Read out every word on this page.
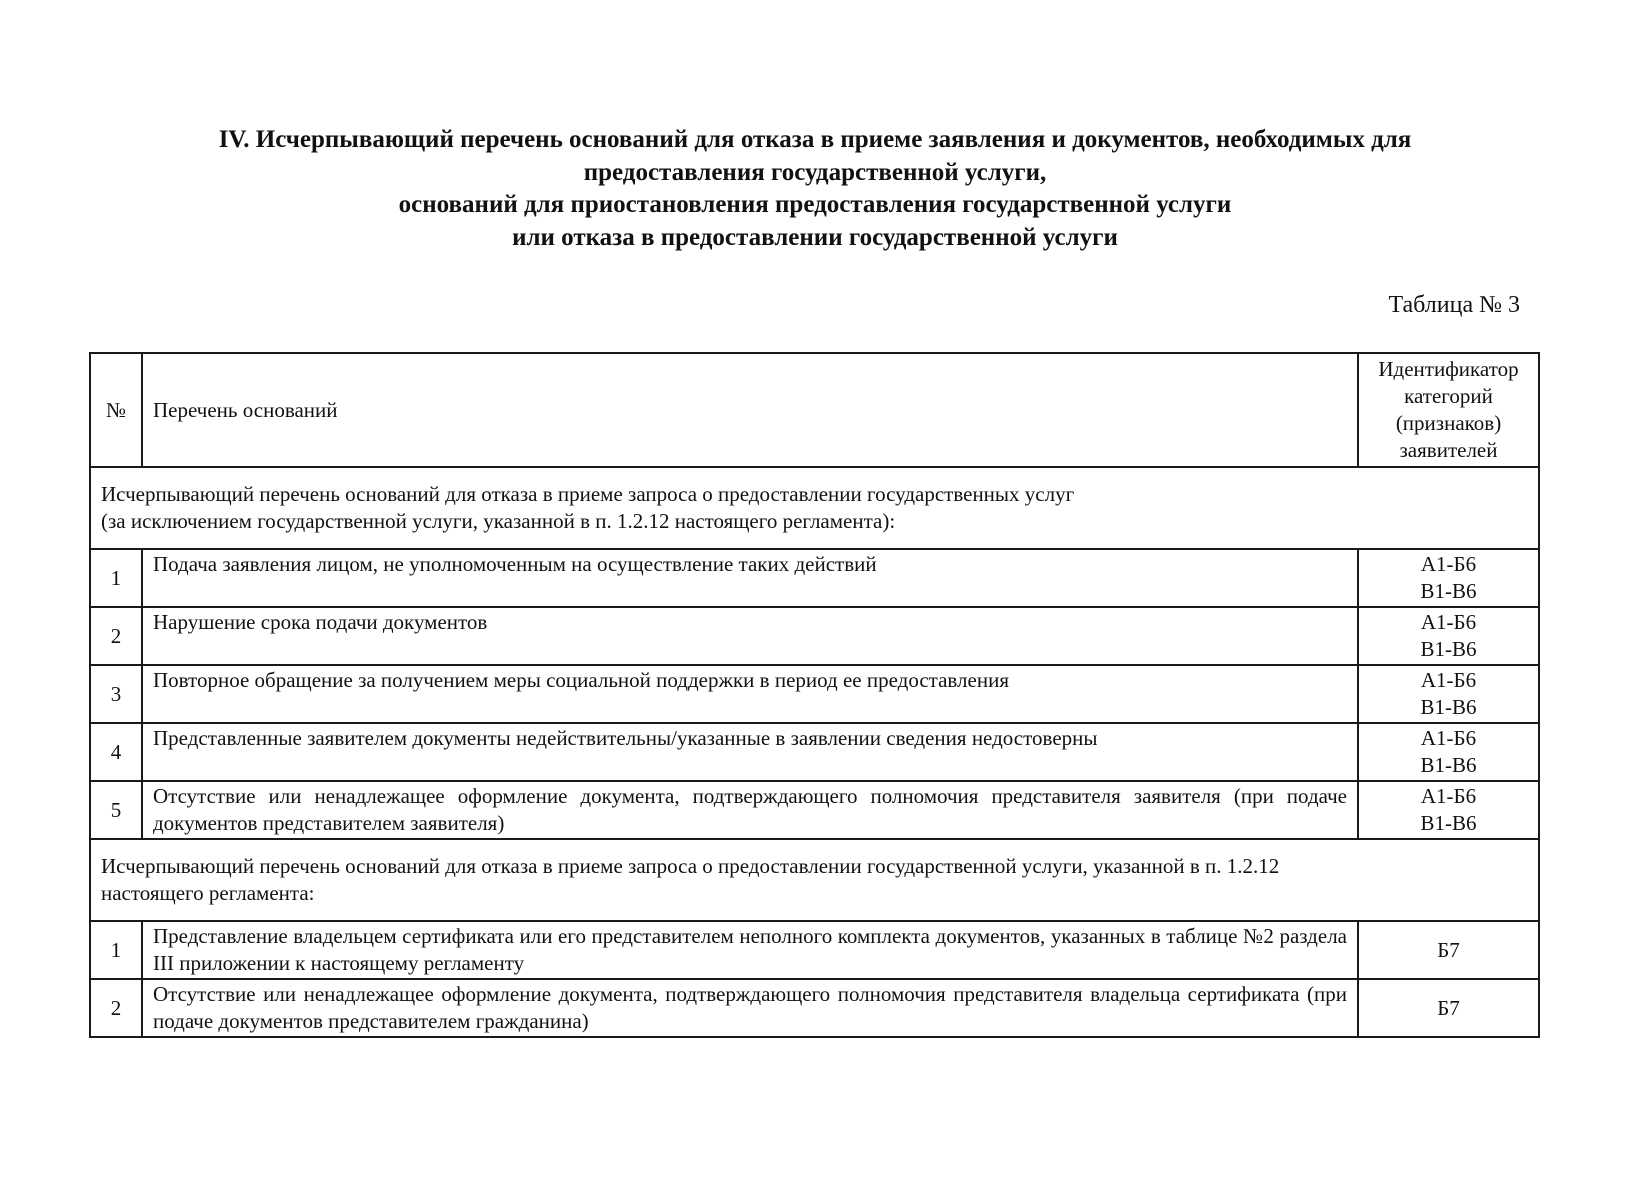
IV. Исчерпывающий перечень оснований для отказа в приеме заявления и документов, необходимых для
предоставления государственной услуги,
оснований для приостановления предоставления государственной услуги
или отказа в предоставлении государственной услуги
Таблица № 3
№	Перечень оснований	Идентификатор категорий (признаков) заявителей

Исчерпывающий перечень оснований для отказа в приеме запроса о предоставлении государственных услуг
(за исключением государственной услуги, указанной в п. 1.2.12 настоящего регламента):		

1	Подача заявления лицом, не уполномоченным на осуществление таких действий	А1-Б6
В1-В6

2	Нарушение срока подачи документов	А1-Б6
В1-В6

3	Повторное обращение за получением меры социальной поддержки в период ее предоставления	А1-Б6
В1-В6

4	Представленные заявителем документы недействительны/указанные в заявлении сведения недостоверны	А1-Б6
В1-В6

5	Отсутствие или ненадлежащее оформление документа, подтверждающего полномочия представителя заявителя (при подаче документов представителем заявителя)	А1-Б6
В1-В6

Исчерпывающий перечень оснований для отказа в приеме запроса о предоставлении государственной услуги, указанной в п. 1.2.12
настоящего регламента:		

1	Представление владельцем сертификата или его представителем неполного комплекта документов, указанных в таблице №2 раздела III приложении к настоящему регламенту	Б7

2	Отсутствие или ненадлежащее оформление документа, подтверждающего полномочия представителя владельца сертификата (при подаче документов представителем гражданина)	Б7
